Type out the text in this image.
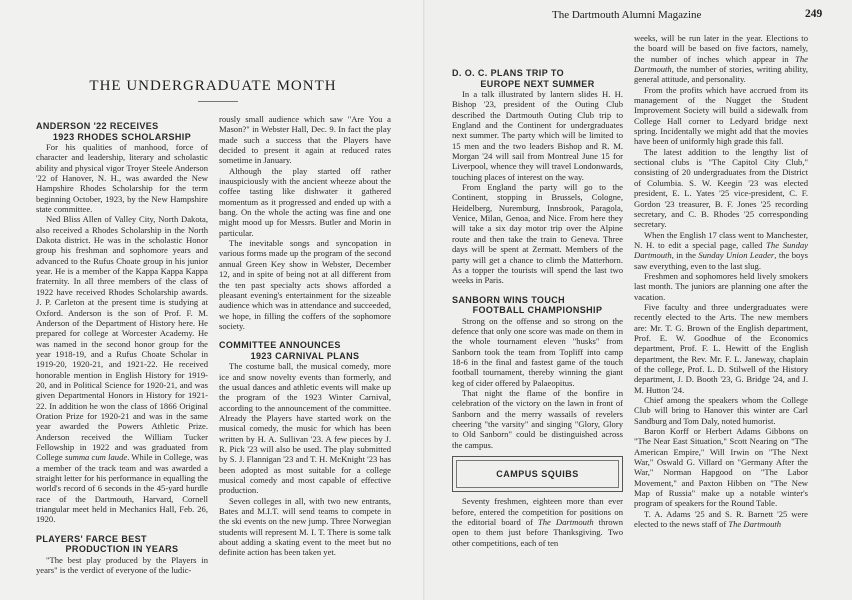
THE UNDERGRADUATE MONTH
ANDERSON '22 RECEIVES
1923 RHODES SCHOLARSHIP

For his qualities of manhood, force of character and leadership, literary and scholastic ability and physical vigor Troyer Steele Anderson '22 of Hanover, N. H., was awarded the New Hampshire Rhodes Scholarship for the term beginning October, 1923, by the New Hampshire state committee.

Ned Bliss Allen of Valley City, North Dakota, also received a Rhodes Scholarship in the North Dakota district. He was in the scholastic Honor group his freshman and sophomore years and advanced to the Rufus Choate group in his junior year. He is a member of the Kappa Kappa Kappa fraternity. In all three members of the class of 1922 have received Rhodes Scholarship awards. J. P. Carleton at the present time is studying at Oxford. Anderson is the son of Prof. F. M. Anderson of the Department of History here. He prepared for college at Worcester Academy. He was named in the second honor group for the year 1918-19, and a Rufus Choate Scholar in 1919-20, 1920-21, and 1921-22. He received honorable mention in English History for 1919-20, and in Political Science for 1920-21, and was given Departmental Honors in History for 1921-22. In addition he won the class of 1866 Original Oration Prize for 1920-21 and was in the same year awarded the Powers Athletic Prize. Anderson received the William Tucker Fellowship in 1922 and was graduated from College summa cum laude. While in College, was a member of the track team and was awarded a straight letter for his performance in equalling the world's record of 6 seconds in the 45-yard hurdle race of the Dartmouth, Harvard, Cornell triangular meet held in Mechanics Hall, Feb. 26, 1920.

PLAYERS' FARCE BEST
PRODUCTION IN YEARS

"The best play produced by the Players in years" is the verdict of everyone of the ludic-

rously small audience which saw "Are You a Mason?" in Webster Hall, Dec. 9. In fact the play made such a success that the Players have decided to present it again at reduced rates sometime in January.

Although the play started off rather inauspiciously with the ancient wheeze about the coffee tasting like dishwater it gathered momentum as it progressed and ended up with a bang. On the whole the acting was fine and one might mood up for Messrs. Butler and Morin in particular.

The inevitable songs and syncopation in various forms made up the program of the second annual Green Key show in Webster, December 12, and in spite of being not at all different from the ten past specialty acts shows afforded a pleasant evening's entertainment for the sizeable audience which was in attendance and succeeded, we hope, in filling the coffers of the sophomore society.

COMMITTEE ANNOUNCES
1923 CARNIVAL PLANS

The costume ball, the musical comedy, more ice and snow novelty events than formerly, and the usual dances and athletic events will make up the program of the 1923 Winter Carnival, according to the announcement of the committee. Already the Players have started work on the musical comedy, the music for which has been written by H. A. Sullivan '23. A few pieces by J. R. Pick '23 will also be used. The play submitted by S. J. Flannigan '23 and T. H. McKnight '23 has been adopted as most suitable for a college musical comedy and most capable of effective production.

Seven colleges in all, with two new entrants, Bates and M.I.T. will send teams to compete in the ski events on the new jump. Three Norwegian students will represent M. I. T. There is some talk about adding a skating event to the meet but no definite action has been taken yet.

The Dartmouth Alumni Magazine	249
D. O. C. PLANS TRIP TO
EUROPE NEXT SUMMER

In a talk illustrated by lantern slides H. H. Bishop '23, president of the Outing Club described the Dartmouth Outing Club trip to England and the Continent for undergraduates next summer. The party which will be limited to 15 men and the two leaders Bishop and R. M. Morgan '24 will sail from Montreal June 15 for Liverpool, whence they will travel Londonwards, touching places of interest on the way.

From England the party will go to the Continent, stopping in Brussels, Cologne, Heidelberg, Nuremburg, Innsbrook, Paragola, Venice, Milan, Genoa, and Nice. From here they will take a six day motor trip over the Alpine route and then take the train to Geneva. Three days will be spent at Zermatt. Members of the party will get a chance to climb the Matterhorn. As a topper the tourists will spend the last two weeks in Paris.

SANBORN WINS TOUCH
FOOTBALL CHAMPIONSHIP

Strong on the offense and so strong on the defence that only one score was made on them in the whole tournament eleven "husks" from Sanborn took the team from Topliff into camp 18-6 in the final and fastest game of the touch football tournament, thereby winning the giant keg of cider offered by Palaeopitus.

That night the flame of the bonfire in celebration of the victory on the lawn in front of Sanborn and the merry wassails of revelers cheering "the varsity" and singing "Glory, Glory to Old Sanborn" could be distinguished across the campus.

CAMPUS SQUIBS

Seventy freshmen, eighteen more than ever before, entered the competition for positions on the editorial board of The Dartmouth thrown open to them just before Thanksgiving. Two other competitions, each of ten

weeks, will be run later in the year. Elections to the board will be based on five factors, namely, the number of inches which appear in The Dartmouth, the number of stories, writing ability, general attitude, and personality.

From the profits which have accrued from its management of the Nugget the Student Improvement Society will build a sidewalk from College Hall corner to Ledyard bridge next spring. Incidentally we might add that the movies have been of uniformly high grade this fall.

The latest addition to the lengthy list of sectional clubs is "The Capitol City Club," consisting of 20 undergraduates from the District of Columbia. S. W. Keegin '23 was elected president, E. L. Yates '25 vice-president, C. F. Gordon '23 treasurer, B. F. Jones '25 recording secretary, and C. B. Rhodes '25 corresponding secretary.

When the English 17 class went to Manchester, N. H. to edit a special page, called The Sunday Dartmouth, in the Sunday Union Leader, the boys saw everything, even to the last slug.

Freshmen and sophomores held lively smokers last month. The juniors are planning one after the vacation.

Five faculty and three undergraduates were recently elected to the Arts. The new members are: Mr. T. G. Brown of the English department, Prof. E. W. Goodhue of the Economics department, Prof. F. L. Hewitt of the English department, the Rev. Mr. F. L. Janeway, chaplain of the college, Prof. L. D. Stilwell of the History department, J. D. Booth '23, G. Bridge '24, and J. M. Hutton '24.

Chief among the speakers whom the College Club will bring to Hanover this winter are Carl Sandburg and Tom Daly, noted humorist.

Baron Korff or Herbert Adams Gibbons on "The Near East Situation," Scott Nearing on "The American Empire," Will Irwin on "The Next War," Oswald G. Villard on "Germany After the War," Norman Hapgood on "The Labor Movement," and Paxton Hibben on "The New Map of Russia" make up a notable winter's program of speakers for the Round Table.

T. A. Adams '25 and S. R. Barnett '25 were elected to the news staff of The Dartmouth
